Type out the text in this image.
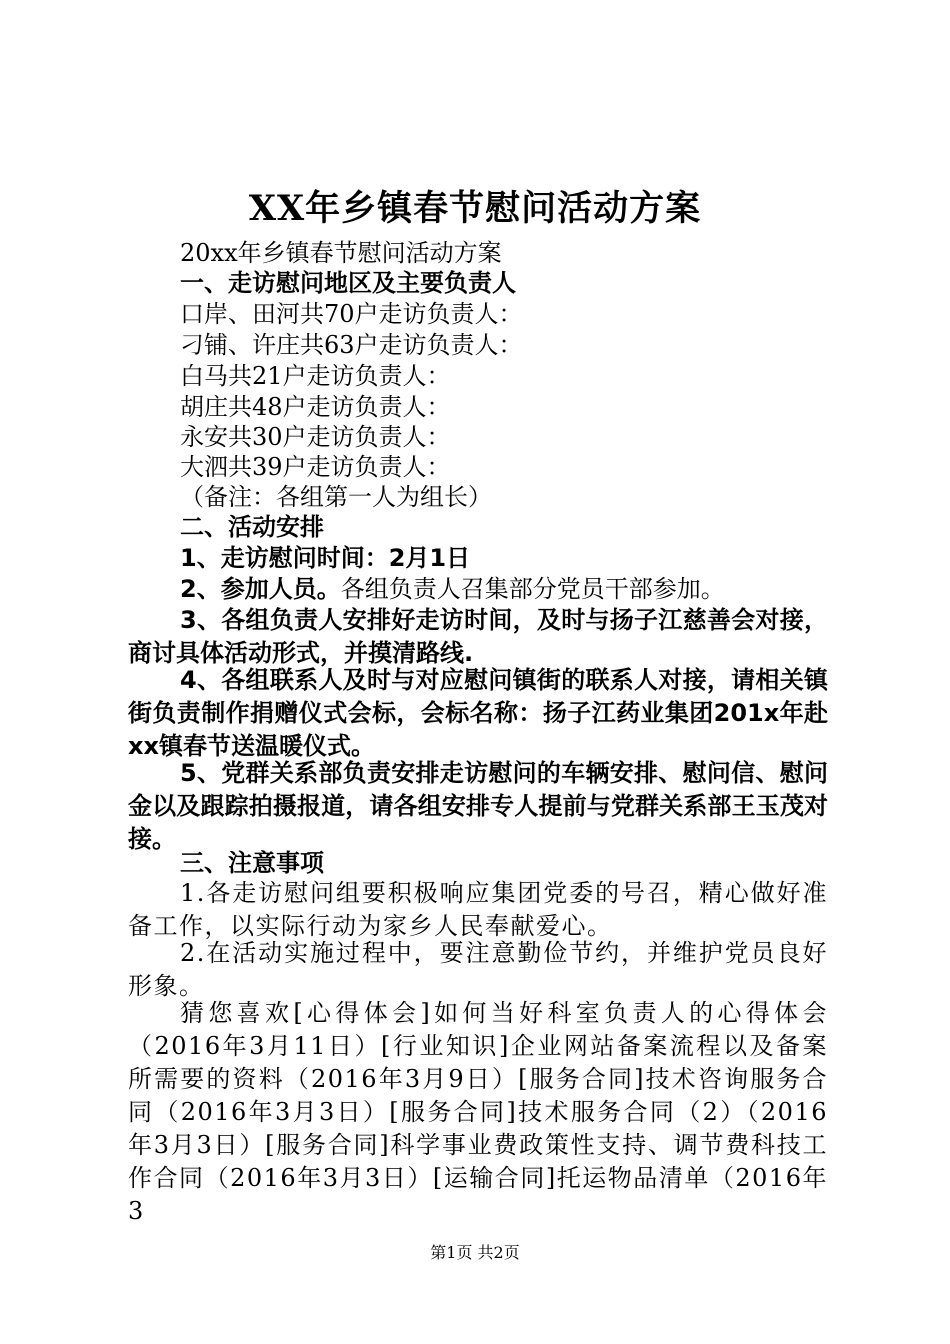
XX年乡镇春节慰问活动方案
20xx年乡镇春节慰问活动方案
一、走访慰问地区及主要负责人
口岸、田河共70户走访负责人：
刁铺、许庄共63户走访负责人：
白马共21户走访负责人：
胡庄共48户走访负责人：
永安共30户走访负责人：
大泗共39户走访负责人：
（备注：各组第一人为组长）
二、活动安排
1、走访慰问时间：2月1日
2、参加人员。各组负责人召集部分党员干部参加。
3、各组负责人安排好走访时间，及时与扬子江慈善会对接，商讨具体活动形式，并摸清路线.
4、各组联系人及时与对应慰问镇街的联系人对接，请相关镇街负责制作捐赠仪式会标，会标名称：扬子江药业集团201x年赴xx镇春节送温暖仪式。
5、党群关系部负责安排走访慰问的车辆安排、慰问信、慰问金以及跟踪拍摄报道，请各组安排专人提前与党群关系部王玉茂对接。
三、注意事项
1.各走访慰问组要积极响应集团党委的号召，精心做好准备工作，以实际行动为家乡人民奉献爱心。
2.在活动实施过程中，要注意勤俭节约，并维护党员良好形象。
猜您喜欢[心得体会]如何当好科室负责人的心得体会（2016年3月11日）[行业知识]企业网站备案流程以及备案所需要的资料（2016年3月9日）[服务合同]技术咨询服务合同（2016年3月3日）[服务合同]技术服务合同（2）（2016年3月3日）[服务合同]科学事业费政策性支持、调节费科技工作合同（2016年3月3日）[运输合同]托运物品清单（2016年3
第1页 共2页
